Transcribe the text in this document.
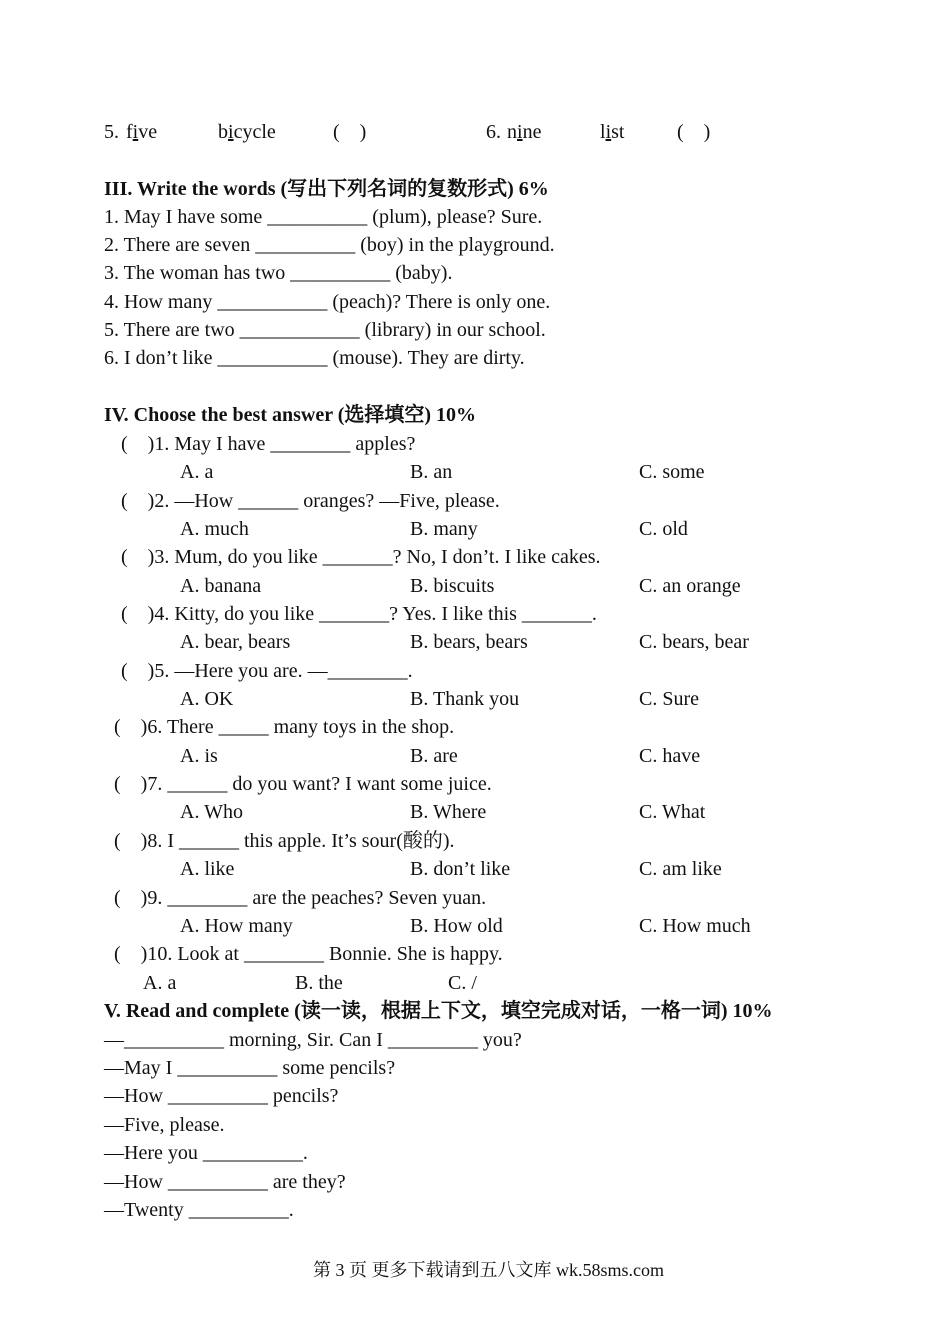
5. five	bicycle	(    )	6. nine	list	(    )
III. Write the words (写出下列名词的复数形式) 6%
1. May I have some __________ (plum), please? Sure.
2. There are seven __________ (boy) in the playground.
3. The woman has two __________ (baby).
4. How many ___________ (peach)? There is only one.
5. There are two ____________ (library) in our school.
6. I don’t like ___________ (mouse). They are dirty.
IV. Choose the best answer (选择填空) 10%
(    )1. May I have ________ apples?
A. a	B. an	C. some
(    )2. —How ______ oranges? —Five, please.
A. much	B. many	C. old
(    )3. Mum, do you like _______? No, I don’t. I like cakes.
A. banana	B. biscuits	C. an orange
(    )4. Kitty, do you like _______? Yes. I like this _______.
A. bear, bears	B. bears, bears	C. bears, bear
(    )5. —Here you are. —________.
A. OK	B. Thank you	C. Sure
(    )6. There _____ many toys in the shop.
A. is	B. are	C. have
(    )7. ______ do you want? I want some juice.
A. Who	B. Where	C. What
(    )8. I ______ this apple. It’s sour(酸的).
A. like	B. don’t like	C. am like
(    )9. ________ are the peaches? Seven yuan.
A. How many	B. How old	C. How much
(    )10. Look at ________ Bonnie. She is happy.
A. a	B. the	C. /
V. Read and complete (读一读，根据上下文，填空完成对话，一格一词) 10%
—__________ morning, Sir. Can I _________ you?
—May I __________ some pencils?
—How __________ pencils?
—Five, please.
—Here you __________.
—How __________ are they?
—Twenty __________.
第 3 页 更多下载请到五八文库 wk.58sms.com
